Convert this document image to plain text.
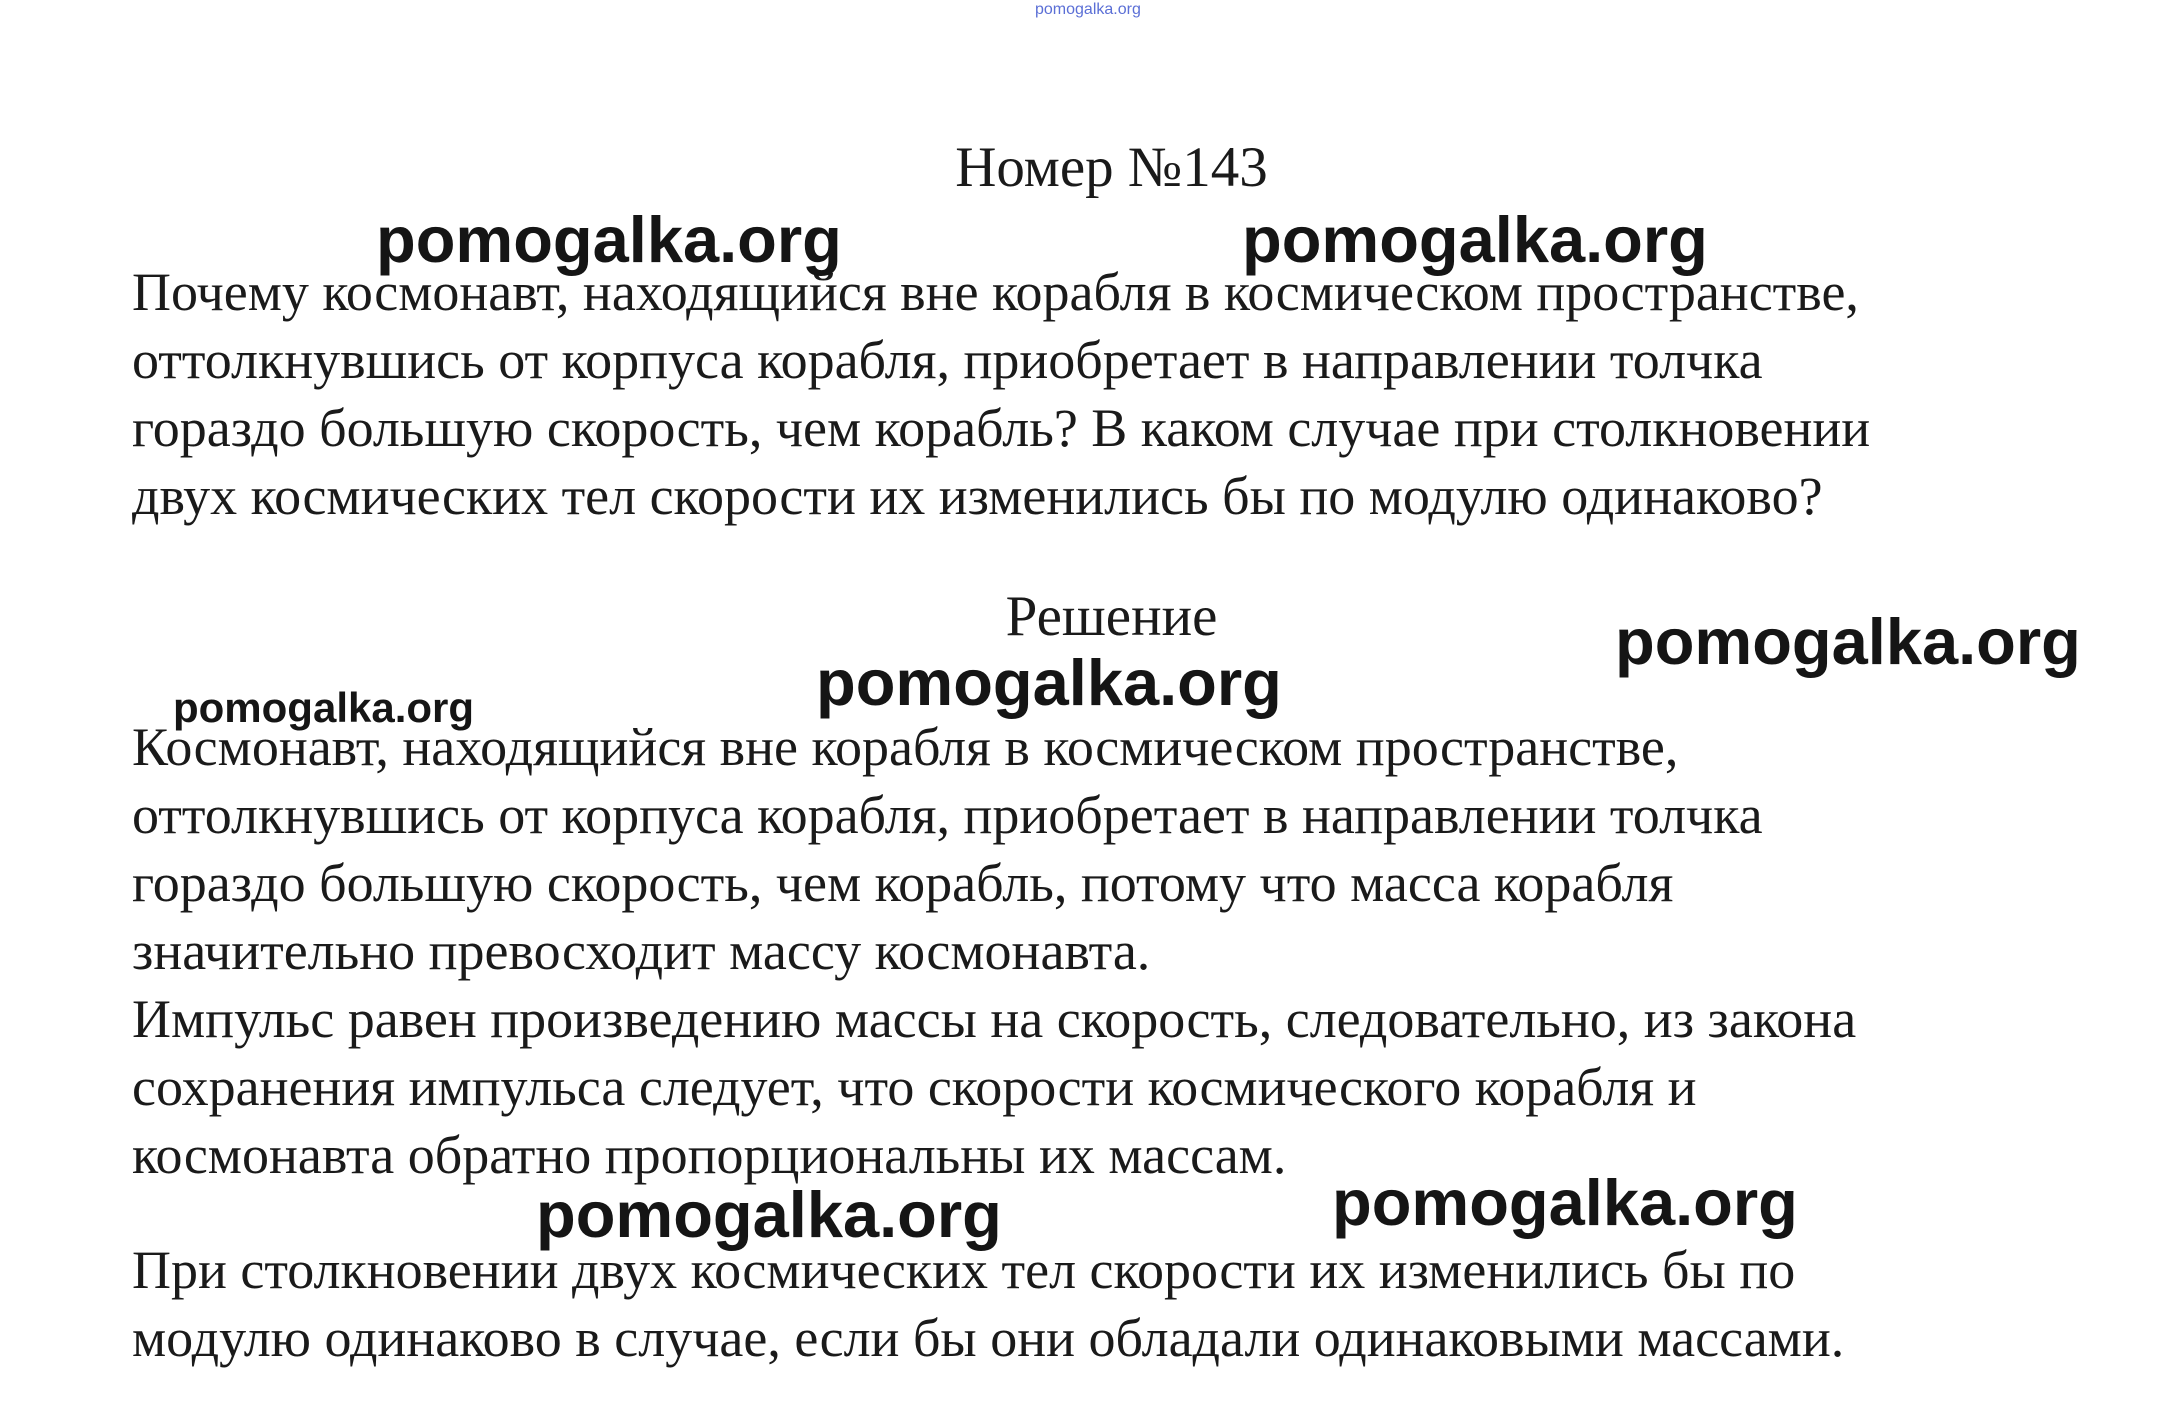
pomogalka.org
Номер №143

Почему космонавт, находящийся вне корабля в космическом пространстве,
оттолкнувшись от корпуса корабля, приобретает в направлении толчка
гораздо большую скорость, чем корабль? В каком случае при столкновении
двух космических тел скорости их изменились бы по модулю одинаково?

Решение

Космонавт, находящийся вне корабля в космическом пространстве,
оттолкнувшись от корпуса корабля, приобретает в направлении толчка
гораздо большую скорость, чем корабль, потому что масса корабля
значительно превосходит массу космонавта.
Импульс равен произведению массы на скорость, следовательно, из закона
сохранения импульса следует, что скорости космического корабля и
космонавта обратно пропорциональны их массам.

При столкновении двух космических тел скорости их изменились бы по
модулю одинаково в случае, если бы они обладали одинаковыми массами.

pomogalka.org	pomogalka.org
pomogalka.org
pomogalka.org
pomogalka.org
pomogalka.org	pomogalka.org
